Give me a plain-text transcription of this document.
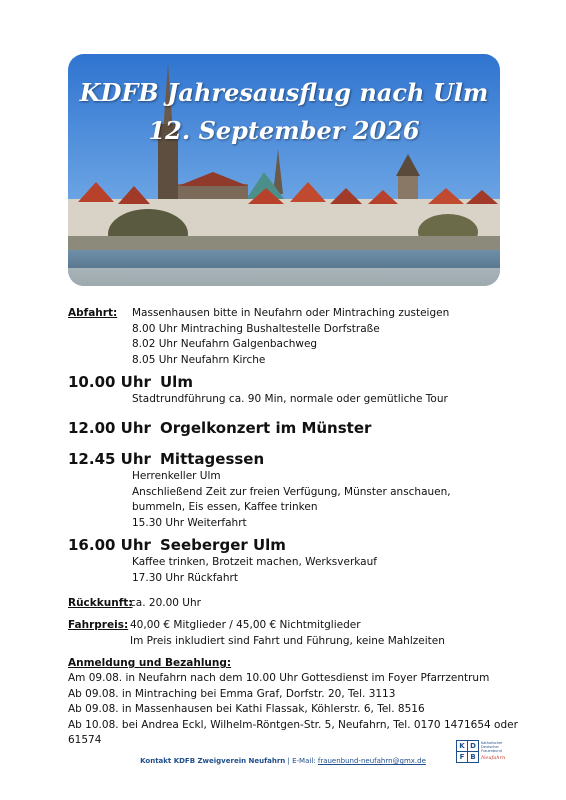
KDFB Jahresausflug nach Ulm
12. September 2026
Abfahrt: Massenhausen bitte in Neufahrn oder Mintraching zusteigen
8.00 Uhr Mintraching Bushaltestelle Dorfstraße
8.02 Uhr Neufahrn Galgenbachweg
8.05 Uhr Neufahrn Kirche
10.00 Uhr Ulm
Stadtrundführung ca. 90 Min, normale oder gemütliche Tour
12.00 Uhr Orgelkonzert im Münster
12.45 Uhr Mittagessen
Herrenkeller Ulm
Anschließend Zeit zur freien Verfügung, Münster anschauen,
bummeln, Eis essen, Kaffee trinken
15.30 Uhr Weiterfahrt
16.00 Uhr Seeberger Ulm
Kaffee trinken, Brotzeit machen, Werksverkauf
17.30 Uhr Rückfahrt
Rückkunft:
ca. 20.00 Uhr
Fahrpreis: 40,00 € Mitglieder / 45,00 € Nichtmitglieder
Im Preis inkludiert sind Fahrt und Führung, keine Mahlzeiten
Anmeldung und Bezahlung:
Am 09.08. in Neufahrn nach dem 10.00 Uhr Gottesdienst im Foyer Pfarrzentrum
Ab 09.08. in Mintraching bei Emma Graf, Dorfstr. 20, Tel. 3113
Ab 09.08. in Massenhausen bei Kathi Flassak, Köhlerstr. 6, Tel. 8516
Ab 10.08. bei Andrea Eckl, Wilhelm-Röntgen-Str. 5, Neufahrn, Tel. 0170 1471654 oder
61574
Kontakt KDFB Zweigverein Neufahrn | E-Mail: frauenbund-neufahrn@gmx.de
K D
F B
Katholischer Deutscher Frauenbund
Neufahrn
